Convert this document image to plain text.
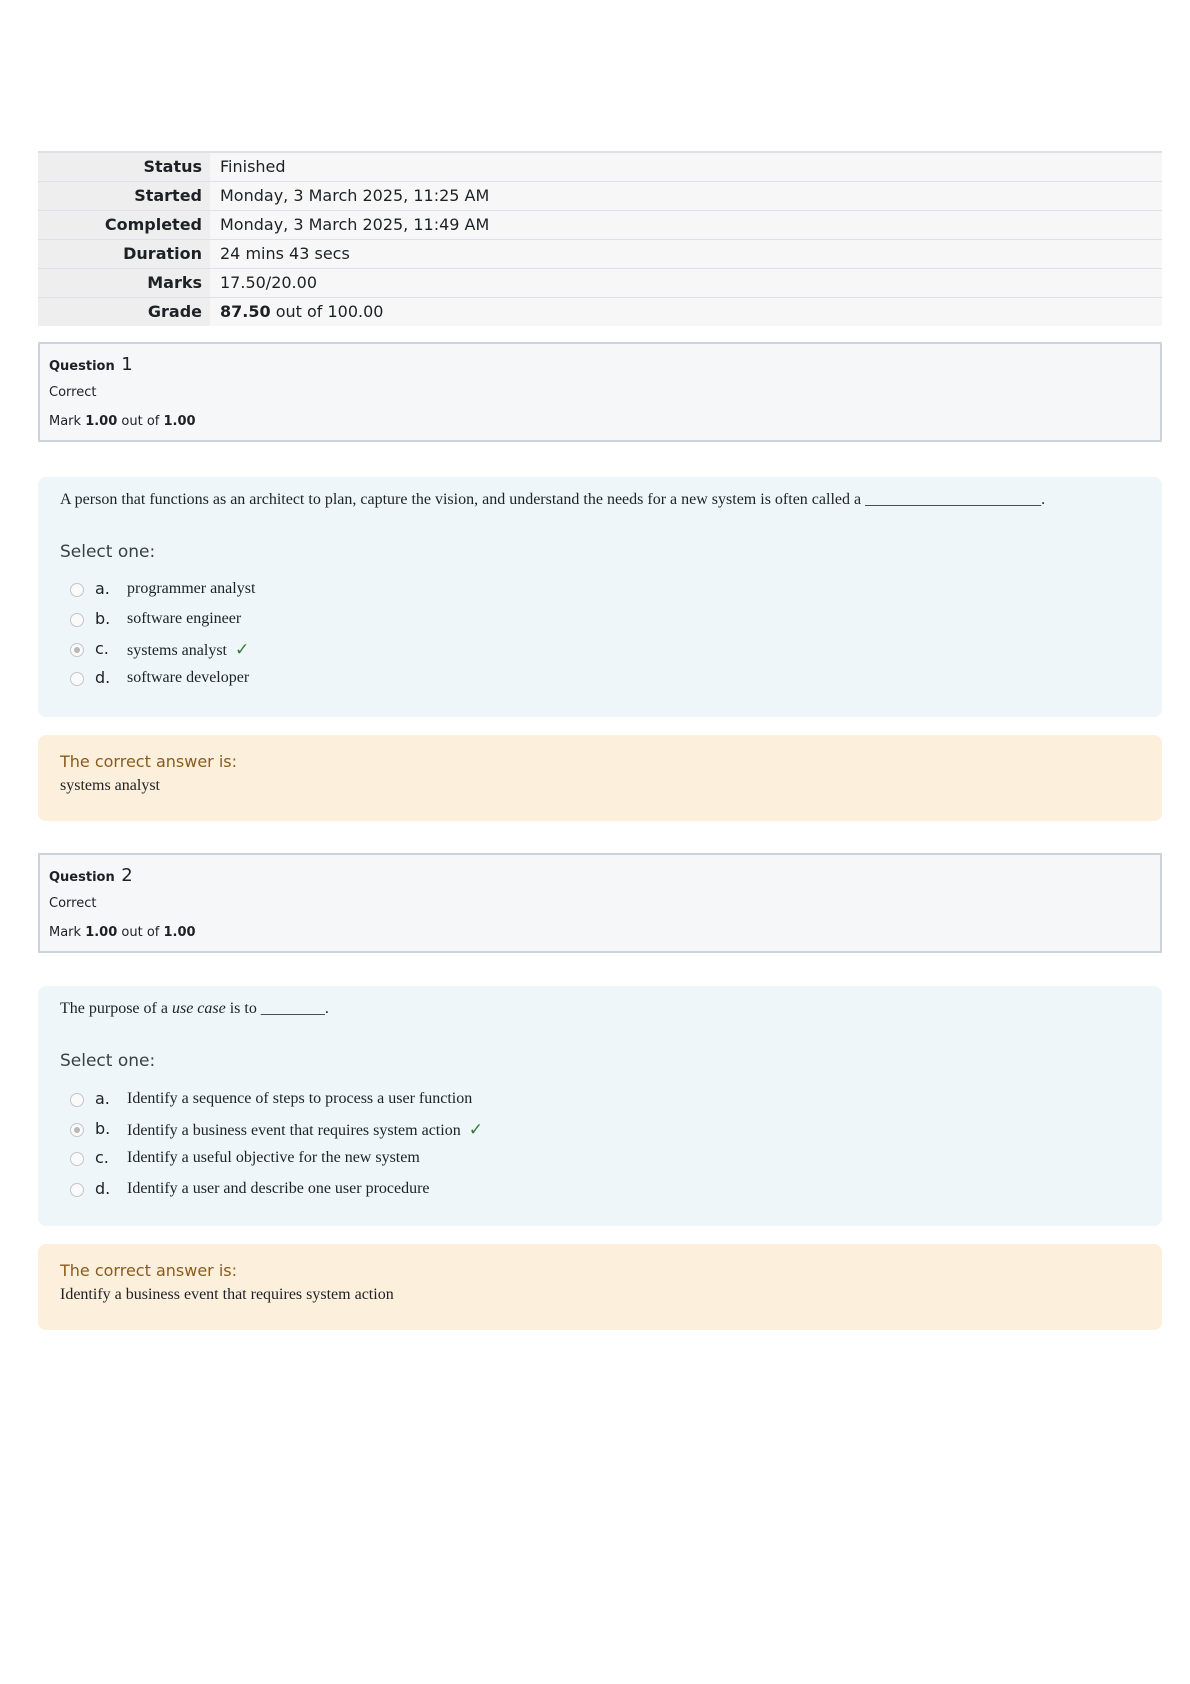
Status	Finished
Started	Monday, 3 March 2025, 11:25 AM
Completed	Monday, 3 March 2025, 11:49 AM
Duration	24 mins 43 secs
Marks	17.50/20.00
Grade	87.50 out of 100.00
Question 1
Correct
Mark 1.00 out of 1.00
A person that functions as an architect to plan, capture the vision, and understand the needs for a new system is often called a ______________________.
Select one:
a. programmer analyst
b. software engineer
c. systems analyst ✓
d. software developer
The correct answer is:
systems analyst
Question 2
Correct
Mark 1.00 out of 1.00
The purpose of a use case is to ________.
Select one:
a. Identify a sequence of steps to process a user function
b. Identify a business event that requires system action ✓
c. Identify a useful objective for the new system
d. Identify a user and describe one user procedure
The correct answer is:
Identify a business event that requires system action
